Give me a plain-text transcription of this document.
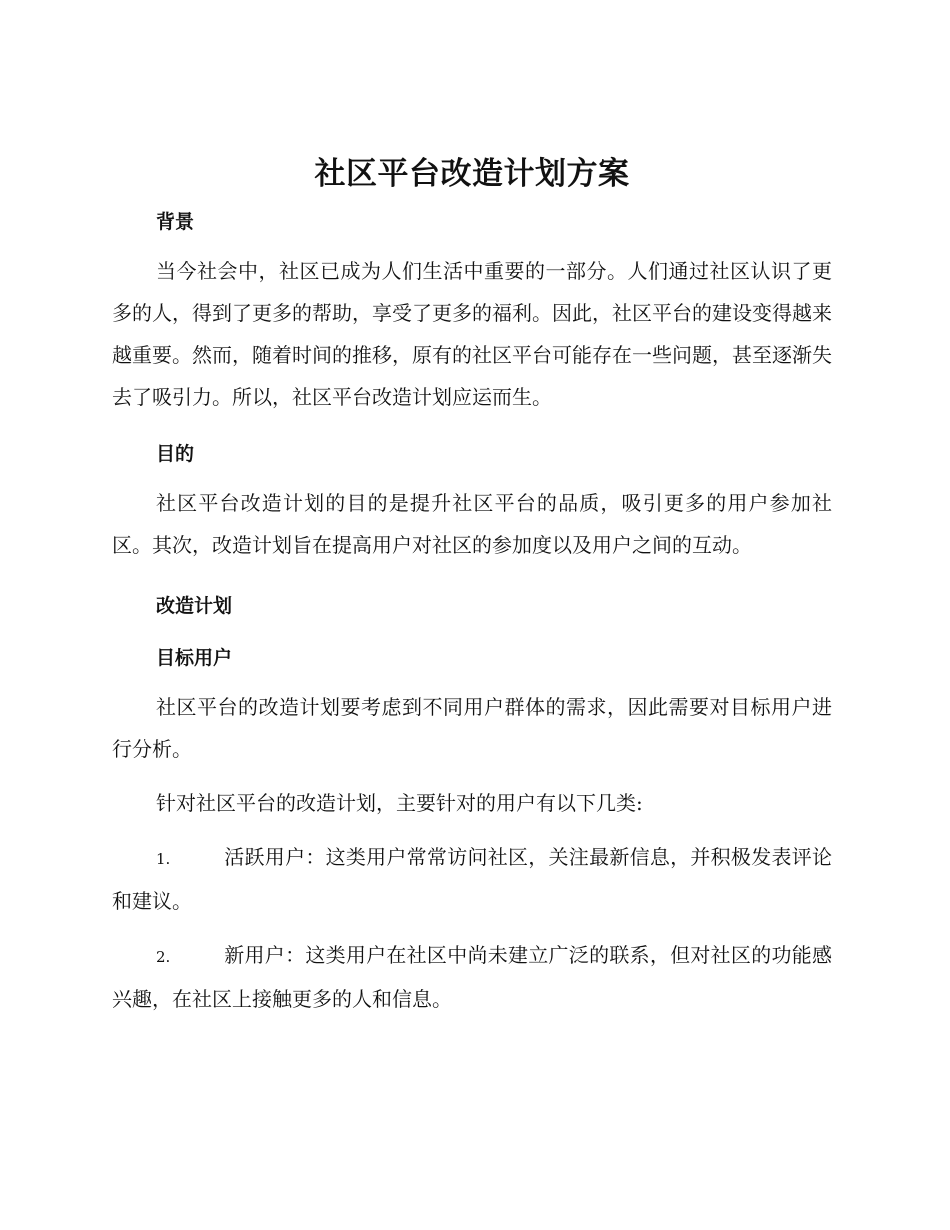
社区平台改造计划方案
背景

当今社会中，社区已成为人们生活中重要的一部分。人们通过社区认识了更多的人，得到了更多的帮助，享受了更多的福利。因此，社区平台的建设变得越来越重要。然而，随着时间的推移，原有的社区平台可能存在一些问题，甚至逐渐失去了吸引力。所以，社区平台改造计划应运而生。

目的

社区平台改造计划的目的是提升社区平台的品质，吸引更多的用户参加社区。其次，改造计划旨在提高用户对社区的参加度以及用户之间的互动。

改造计划
目标用户

社区平台的改造计划要考虑到不同用户群体的需求，因此需要对目标用户进行分析。

针对社区平台的改造计划，主要针对的用户有以下几类:

1.	活跃用户：这类用户常常访问社区，关注最新信息，并积极发表评论和建议。

2.	新用户：这类用户在社区中尚未建立广泛的联系，但对社区的功能感兴趣，在社区上接触更多的人和信息。
